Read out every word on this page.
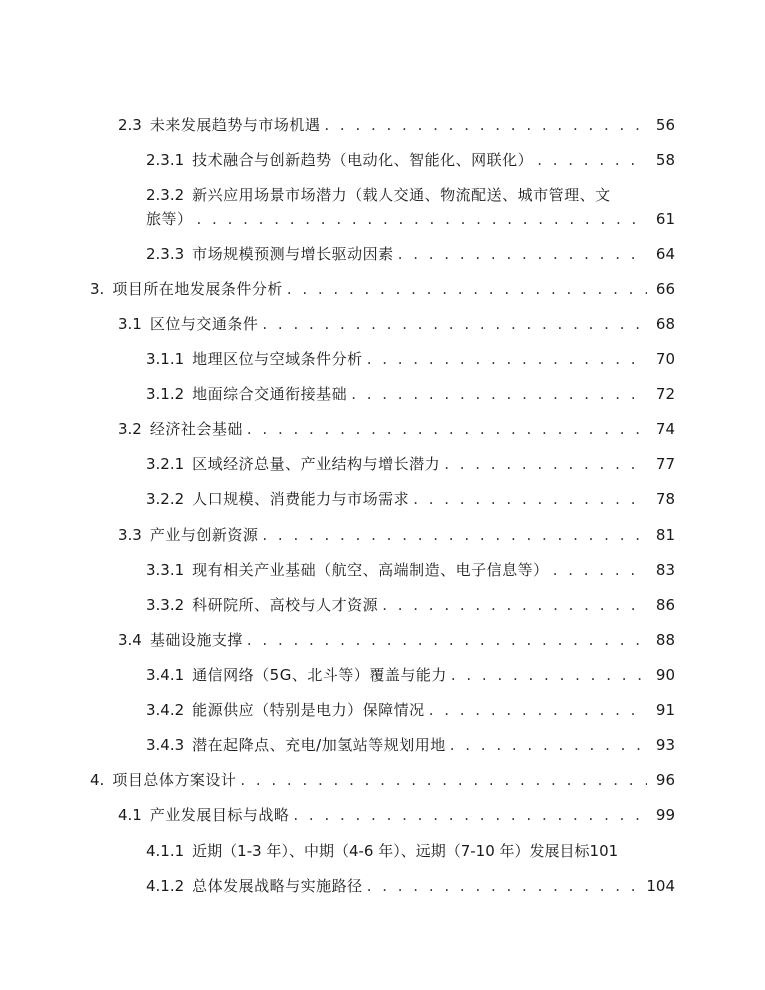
2.3 未来发展趋势与市场机遇 . . .	56
2.3.1 技术融合与创新趋势（电动化、智能化、网联化） . . .	58
2.3.2 新兴应用场景市场潜力（载人交通、物流配送、城市管理、文
旅等） . . .	61
2.3.3 市场规模预测与增长驱动因素 . . .	64
3. 项目所在地发展条件分析 . . .	66
3.1 区位与交通条件 . . .	68
3.1.1 地理区位与空域条件分析 . . .	70
3.1.2 地面综合交通衔接基础 . . .	72
3.2 经济社会基础 . . .	74
3.2.1 区域经济总量、产业结构与增长潜力 . . .	77
3.2.2 人口规模、消费能力与市场需求 . . .	78
3.3 产业与创新资源 . . .	81
3.3.1 现有相关产业基础（航空、高端制造、电子信息等） . . .	83
3.3.2 科研院所、高校与人才资源 . . .	86
3.4 基础设施支撑 . . .	88
3.4.1 通信网络（5G、北斗等）覆盖与能力 . . .	90
3.4.2 能源供应（特别是电力）保障情况 . . .	91
3.4.3 潜在起降点、充电/加氢站等规划用地 . . .	93
4. 项目总体方案设计 . . .	96
4.1 产业发展目标与战略 . . .	99
4.1.1 近期（1-3 年）、中期（4-6 年）、远期（7-10 年）发展目标 101
4.1.2 总体发展战略与实施路径 . . .	104
